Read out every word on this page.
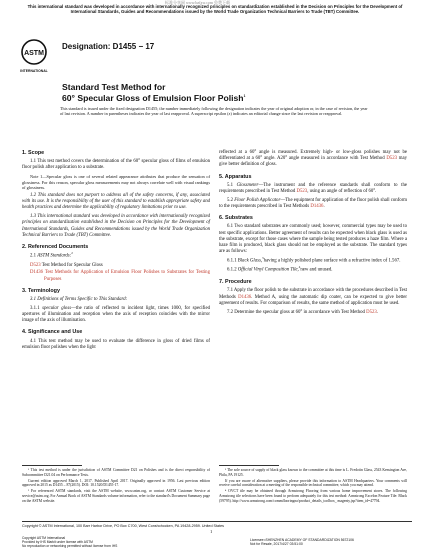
标准分享网 www.bzfxw.com 免费下载
This international standard was developed in accordance with internationally recognized principles on standardization established in the Decision on Principles for the Development of International Standards, Guides and Recommendations issued by the World Trade Organization Technical Barriers to Trade (TBT) Committee.
ASTM
INTERNATIONAL
Designation: D1455 − 17
Standard Test Method for
60° Specular Gloss of Emulsion Floor Polish$^1$
This standard is issued under the fixed designation D1455; the number immediately following the designation indicates the year of original adoption or, in the case of revision, the year of last revision. A number in parentheses indicates the year of last reapproval. A superscript epsilon (ε) indicates an editorial change since the last revision or reapproval.
1. Scope

1.1 This test method covers the determination of the 60° specular gloss of films of emulsion floor polish after application to a substrate.

Note 1—Specular gloss is one of several related appearance attributes that produce the sensation of glossiness. For this reason, specular gloss measurements may not always correlate well with visual rankings of glossiness.

1.2 This standard does not purport to address all of the safety concerns, if any, associated with its use. It is the responsibility of the user of this standard to establish appropriate safety and health practices and determine the applicability of regulatory limitations prior to use.

1.3 This international standard was developed in accordance with internationally recognized principles on standardization established in the Decision on Principles for the Development of International Standards, Guides and Recommendations issued by the World Trade Organization Technical Barriers to Trade (TBT) Committee.

2. Referenced Documents

2.1 ASTM Standards:$^2$

D523 Test Method for Specular Gloss
D1436 Test Methods for Application of Emulsion Floor Polishes to Substrates for Testing Purposes
3. Terminology

3.1 Definitions of Terms Specific to This Standard:

3.1.1 specular gloss—the ratio of reflected to incident light, times 1000, for specified apertures of illumination and reception when the axis of reception coincides with the mirror image of the axis of illumination.

4. Significance and Use

4.1 This test method may be used to evaluate the difference in gloss of dried films of emulsion floor polishes when the light

reflected at a 60° angle is measured. Extremely high- or low-gloss polishes may not be differentiated at a 60° angle. A20° angle measured in accordance with Test Method D523 may give better definition of gloss.

5. Apparatus

5.1 Glossmeter—The instrument and the reference standards shall conform to the requirements prescribed in Test Method D523, using an angle of reflection of 60°.

5.2 Floor Polish Applicator—The equipment for application of the floor polish shall conform to the requirements prescribed in Test Methods D1436.

6. Substrates

6.1 Two standard substrates are commonly used; however, commercial types may be used to test specific applications. Better agreement of results can be expected when black glass is used as the substrate, except for those cases where the sample being tested produces a haze film. Where a haze film is produced, black glass should not be employed as the substrate. The standard types are as follows:

6.1.1 Black Glass,$^3$having a highly polished plane surface with a refractive index of 1.567.

6.1.2 Official Vinyl Composition Tile,$^4$new and unused.

7. Procedure

7.1 Apply the floor polish to the substrate in accordance with the procedures described in Test Methods D1436. Method A, using the automatic dip coater, can be expected to give better agreement of results. For comparison of results, the same method of application must be used.

7.2 Determine the specular gloss at 60° in accordance with Test Method D523.

¹ This test method is under the jurisdiction of ASTM Committee D21 on Polishes and is the direct responsibility of Subcommittee D21.04 on Performance Tests.

Current edition approved March 1, 2017. Published April 2017. Originally approved in 1956. Last previous edition approved in 2015 as D1455 – 87(2015). DOI: 10.1520/D1455-17.

² For referenced ASTM standards, visit the ASTM website, www.astm.org, or contact ASTM Customer Service at service@astm.org. For Annual Book of ASTM Standards volume information, refer to the standard's Document Summary page on the ASTM website.

³ The sole source of supply of black glass known to the committee at this time is L. Fredotin Glass, 2543 Kensington Ave, Phila, PA 19125.

If you are aware of alternative suppliers, please provide this information to ASTM Headquarters. Your comments will receive careful consideration at a meeting of the responsible technical committee, which you may attend.

⁴ OVCT tile may be obtained through Armstrong Flooring from various home improvement stores. The following Armstrong tile selections have been found to perform adequately for this test method: Armstrong Excelon Feature Tile: Black (59795). http://www.armstrong.com/commflooringna/product_details_toolbox_ magenty.jsp?item_id=47794.

1
Copyright © ASTM International, 100 Barr Harbor Drive, PO Box C700, West Conshohocken, PA 19428-2959. United States
Copyright ASTM International
Provided by IHS Markit under license with ASTM
No reproduction or networking permitted without license from IHS
Licensee=SHENZHEN ACADEMY OF STANDARDIZATION 5672106
Not for Resale, 2017/4/27 03:51:00
